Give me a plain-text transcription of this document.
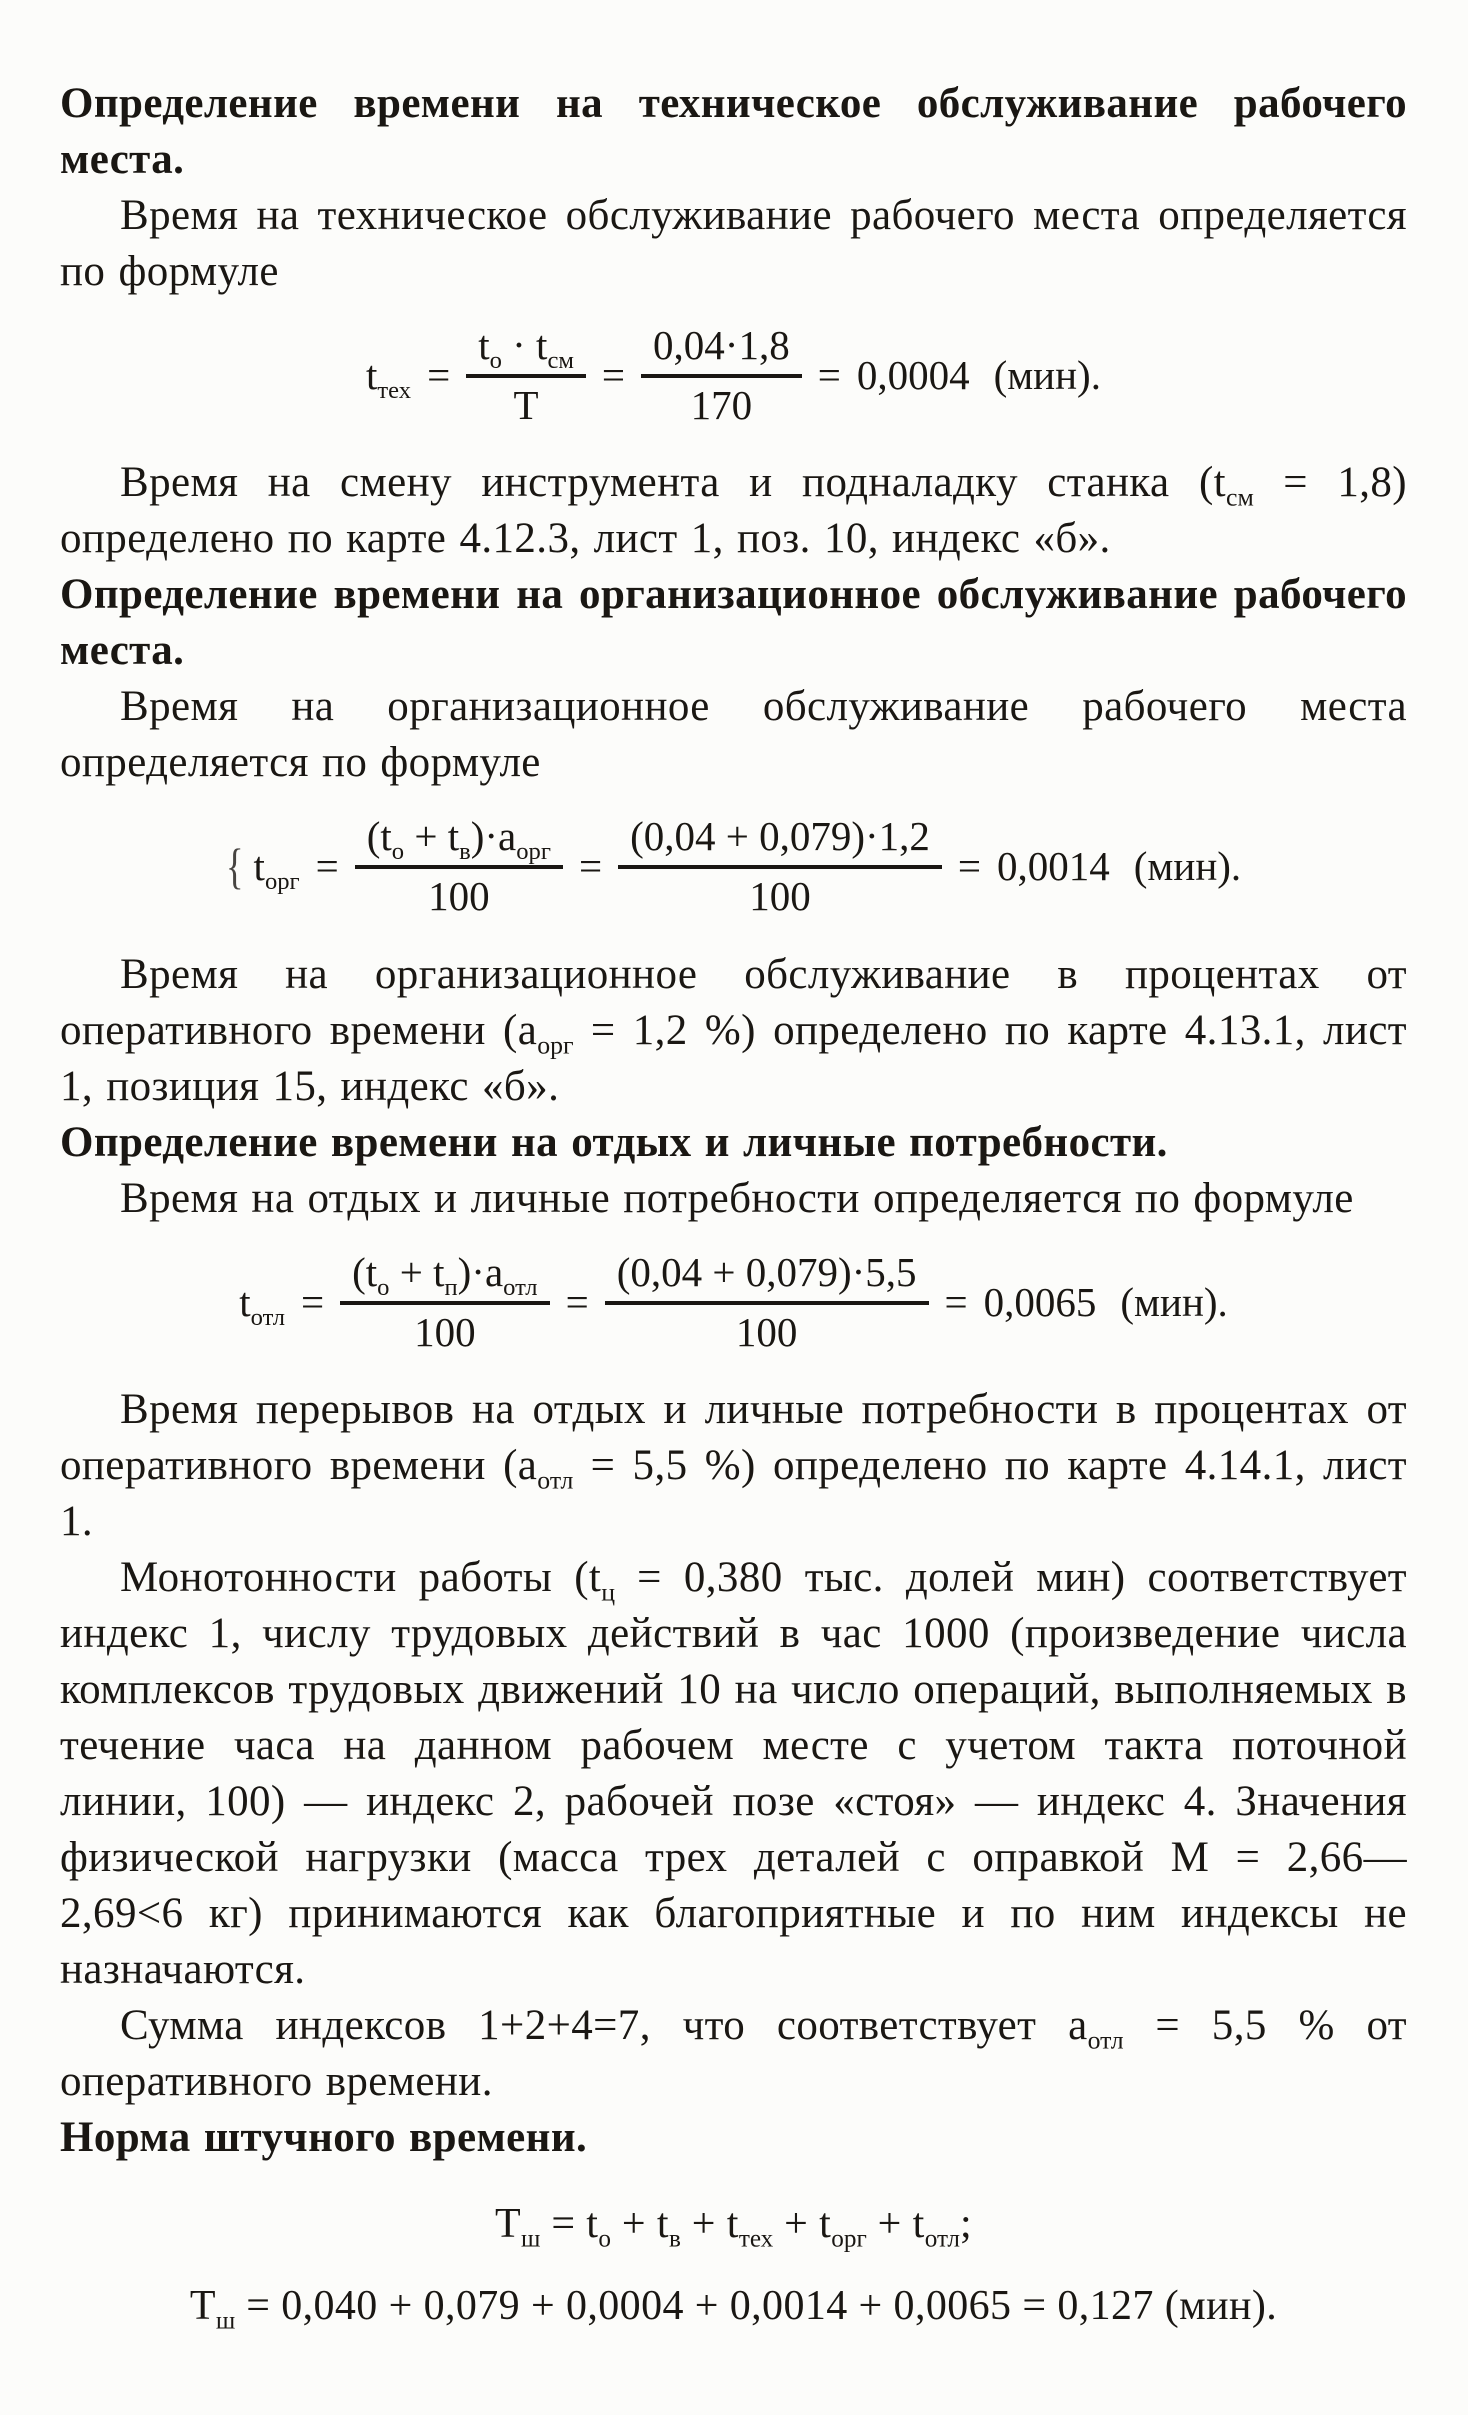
Определение времени на техническое обслуживание рабочего места.

Время на техническое обслуживание рабочего места определяется по формуле

$t_{тех} = \frac{t_о \cdot t_{см}}{Т} = \frac{0,04\cdot 1,8}{170} = 0,0004$ (мин).

Время на смену инструмента и подналадку станка $(t_{см} = 1,8)$ определено по карте 4.12.3, лист 1, поз. 10, индекс «б».

Определение времени на организационное обслуживание рабочего места.

Время на организационное обслуживание рабочего места определяется по формуле

{ $t_{орг} = \frac{(t_о + t_в)\cdot а_{орг}}{100} = \frac{(0,04 + 0,079)\cdot 1,2}{100} = 0,0014$ (мин).

Время на организационное обслуживание в процентах от оперативного времени ($а_{орг} = 1,2$ %) определено по карте 4.13.1, лист 1, позиция 15, индекс «б».

Определение времени на отдых и личные потребности.

Время на отдых и личные потребности определяется по формуле

$t_{отл} = \frac{(t_о + t_п)\cdot а_{отл}}{100} = \frac{(0,04 + 0,079)\cdot 5,5}{100} = 0,0065$ (мин).

Время перерывов на отдых и личные потребности в процентах от оперативного времени ($а_{отл} = 5,5$ %) определено по карте 4.14.1, лист 1.

Монотонности работы ($t_ц = 0,380$ тыс. долей мин) соответствует индекс 1, числу трудовых действий в час 1000 (произведение числа комплексов трудовых движений 10 на число операций, выполняемых в течение часа на данном рабочем месте с учетом такта поточной линии, 100) — индекс 2, рабочей позе «стоя» — индекс 4. Значения физической нагрузки (масса трех деталей с оправкой М = 2,66—2,69<6 кг) принимаются как благоприятные и по ним индексы не назначаются.

Сумма индексов 1+2+4=7, что соответствует $а_{отл} = 5,5$ % от оперативного времени.

Норма штучного времени.

$Т_ш = t_о + t_в + t_{тех} + t_{орг} + t_{отл}$;

$Т_ш = 0,040 + 0,079 + 0,0004 + 0,0014 + 0,0065 = 0,127$ (мин).
